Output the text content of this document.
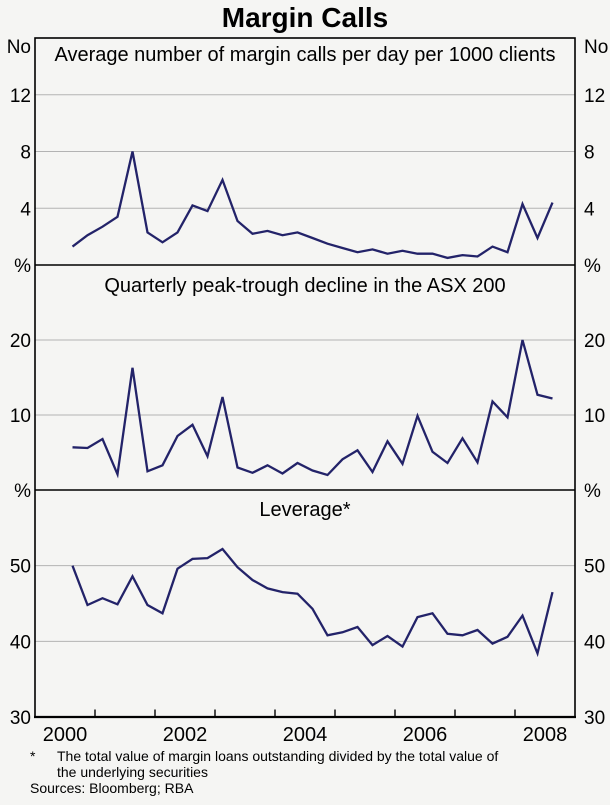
Margin Calls
4	4
8	8
12	12
No	No
Average number of margin calls per day per 1000 clients
10	10
20	20
%	%
Quarterly peak-trough decline in the ASX 200
40	40
50	50
%	%
Leverage*
30	30
2000	2002	2004	2006	2008
*	The total value of margin loans outstanding divided by the total value of
the underlying securities
Sources: Bloomberg; RBA
